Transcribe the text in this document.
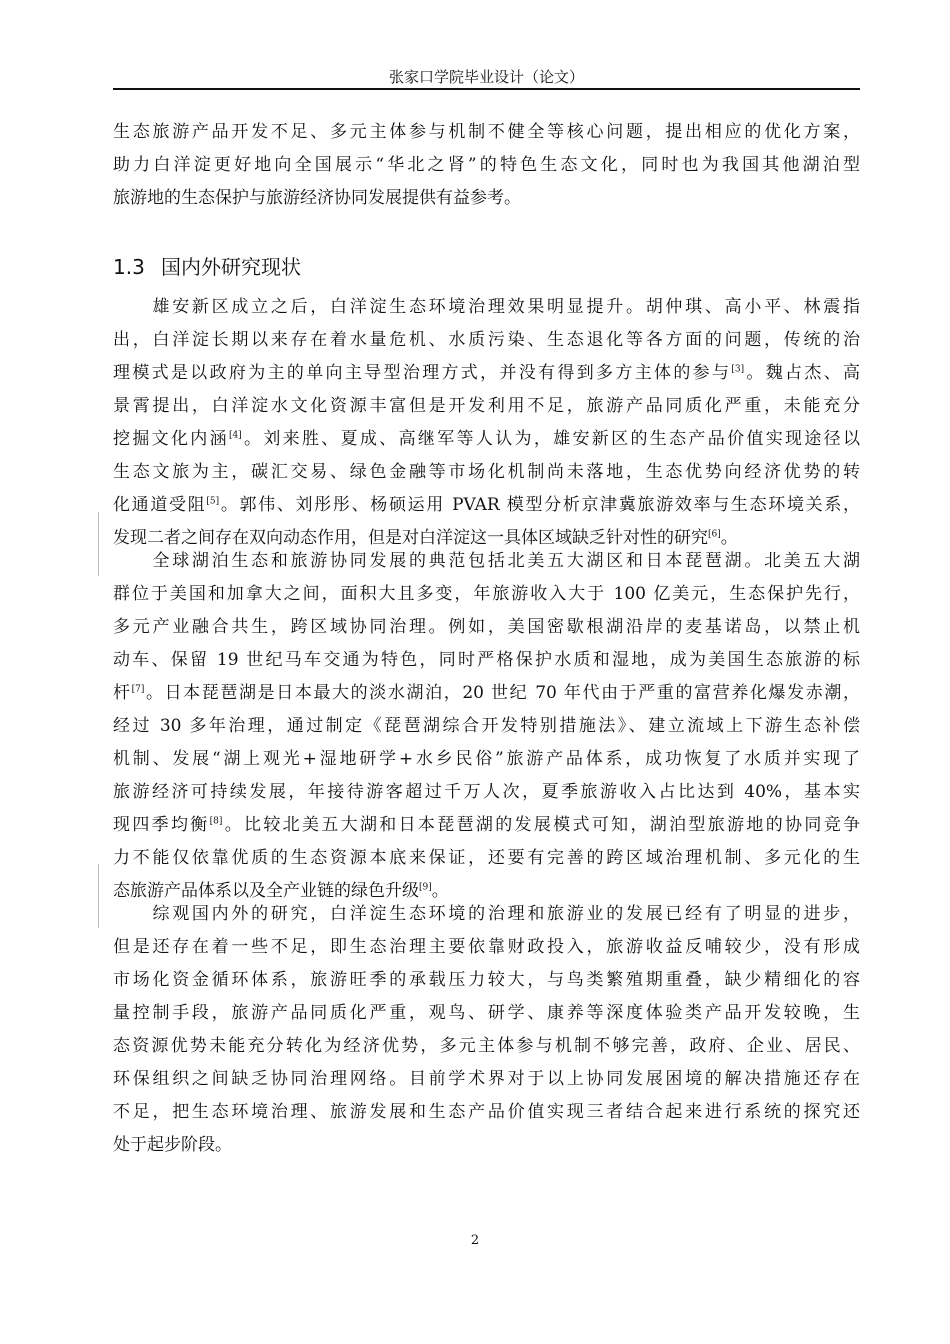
张家口学院毕业设计（论文）
生态旅游产品开发不足、多元主体参与机制不健全等核心问题，提出相应的优化方案，
助力白洋淀更好地向全国展示“华北之肾”的特色生态文化，同时也为我国其他湖泊型
旅游地的生态保护与旅游经济协同发展提供有益参考。
1.3 国内外研究现状
　　雄安新区成立之后，白洋淀生态环境治理效果明显提升。胡仲琪、高小平、林震指
出，白洋淀长期以来存在着水量危机、水质污染、生态退化等各方面的问题，传统的治
理模式是以政府为主的单向主导型治理方式，并没有得到多方主体的参与[3]。魏占杰、高
景霄提出，白洋淀水文化资源丰富但是开发利用不足，旅游产品同质化严重，未能充分
挖掘文化内涵[4]。刘来胜、夏成、高继军等人认为，雄安新区的生态产品价值实现途径以
生态文旅为主，碳汇交易、绿色金融等市场化机制尚未落地，生态优势向经济优势的转
化通道受阻[5]。郭伟、刘彤彤、杨硕运用 PVAR 模型分析京津冀旅游效率与生态环境关系，
发现二者之间存在双向动态作用，但是对白洋淀这一具体区域缺乏针对性的研究[6]。
　　全球湖泊生态和旅游协同发展的典范包括北美五大湖区和日本琵琶湖。北美五大湖
群位于美国和加拿大之间，面积大且多变，年旅游收入大于 100 亿美元，生态保护先行，
多元产业融合共生，跨区域协同治理。例如，美国密歇根湖沿岸的麦基诺岛，以禁止机
动车、保留 19 世纪马车交通为特色，同时严格保护水质和湿地，成为美国生态旅游的标
杆[7]。日本琵琶湖是日本最大的淡水湖泊，20 世纪 70 年代由于严重的富营养化爆发赤潮，
经过 30 多年治理，通过制定《琵琶湖综合开发特别措施法》、建立流域上下游生态补偿
机制、发展“湖上观光+湿地研学+水乡民俗”旅游产品体系，成功恢复了水质并实现了
旅游经济可持续发展，年接待游客超过千万人次，夏季旅游收入占比达到 40%，基本实
现四季均衡[8]。比较北美五大湖和日本琵琶湖的发展模式可知，湖泊型旅游地的协同竞争
力不能仅依靠优质的生态资源本底来保证，还要有完善的跨区域治理机制、多元化的生
态旅游产品体系以及全产业链的绿色升级[9]。
　　综观国内外的研究，白洋淀生态环境的治理和旅游业的发展已经有了明显的进步，
但是还存在着一些不足，即生态治理主要依靠财政投入，旅游收益反哺较少，没有形成
市场化资金循环体系，旅游旺季的承载压力较大，与鸟类繁殖期重叠，缺少精细化的容
量控制手段，旅游产品同质化严重，观鸟、研学、康养等深度体验类产品开发较晚，生
态资源优势未能充分转化为经济优势，多元主体参与机制不够完善，政府、企业、居民、
环保组织之间缺乏协同治理网络。目前学术界对于以上协同发展困境的解决措施还存在
不足，把生态环境治理、旅游发展和生态产品价值实现三者结合起来进行系统的探究还
处于起步阶段。
2
